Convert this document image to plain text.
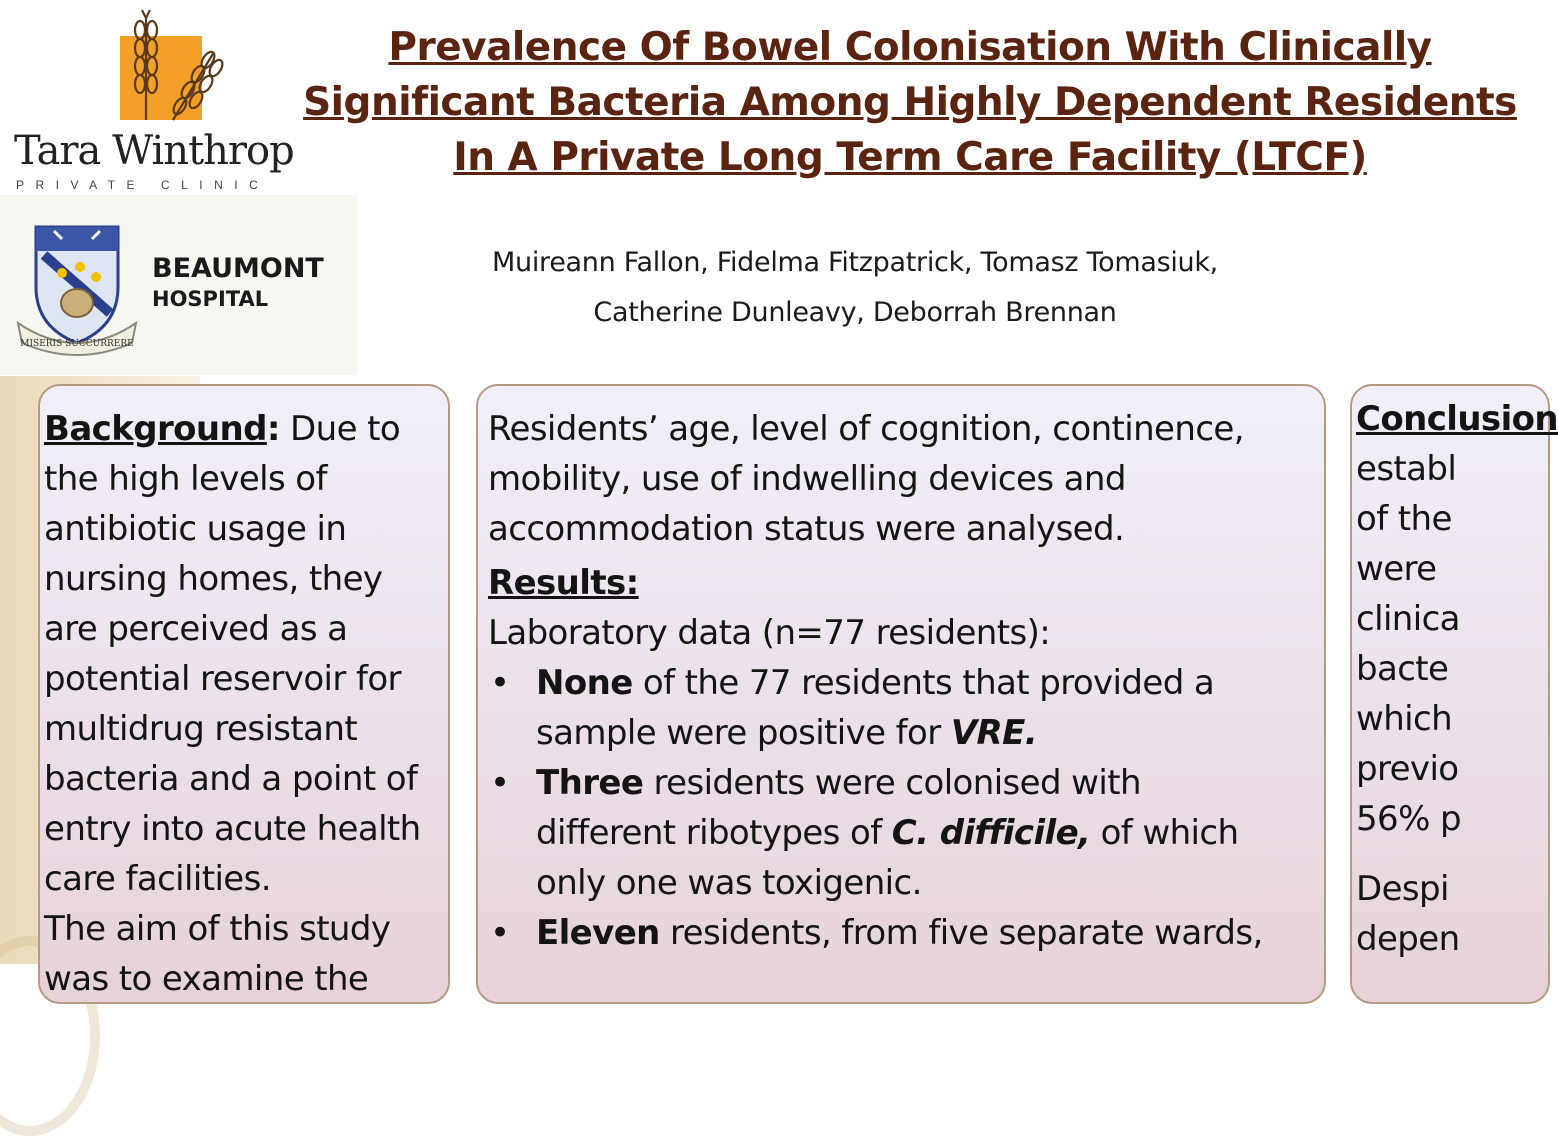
Tara Winthrop
PRIVATE CLINIC
MISERIS SUCCURRERE
BEAUMONT
HOSPITAL
Prevalence Of Bowel Colonisation With Clinically
Significant Bacteria Among Highly Dependent Residents
In A Private Long Term Care Facility (LTCF)
Muireann Fallon, Fidelma Fitzpatrick, Tomasz Tomasiuk,
Catherine Dunleavy, Deborrah Brennan
Background: Due to
the high levels of
antibiotic usage in
nursing homes, they
are perceived as a
potential reservoir for
multidrug resistant
bacteria and a point of
entry into acute health
care facilities.
The aim of this study
was to examine the
Residents’ age, level of cognition, continence,
mobility, use of indwelling devices and
accommodation status were analysed.
Results:
Laboratory data (n=77 residents):
• None of the 77 residents that provided a
sample were positive for VRE.
• Three residents were colonised with
different ribotypes of C. difficile, of which
only one was toxigenic.
• Eleven residents, from five separate wards,
Conclusion
establ
of the
were
clinica
bacte
which
previo
56% p
Despi
depen
